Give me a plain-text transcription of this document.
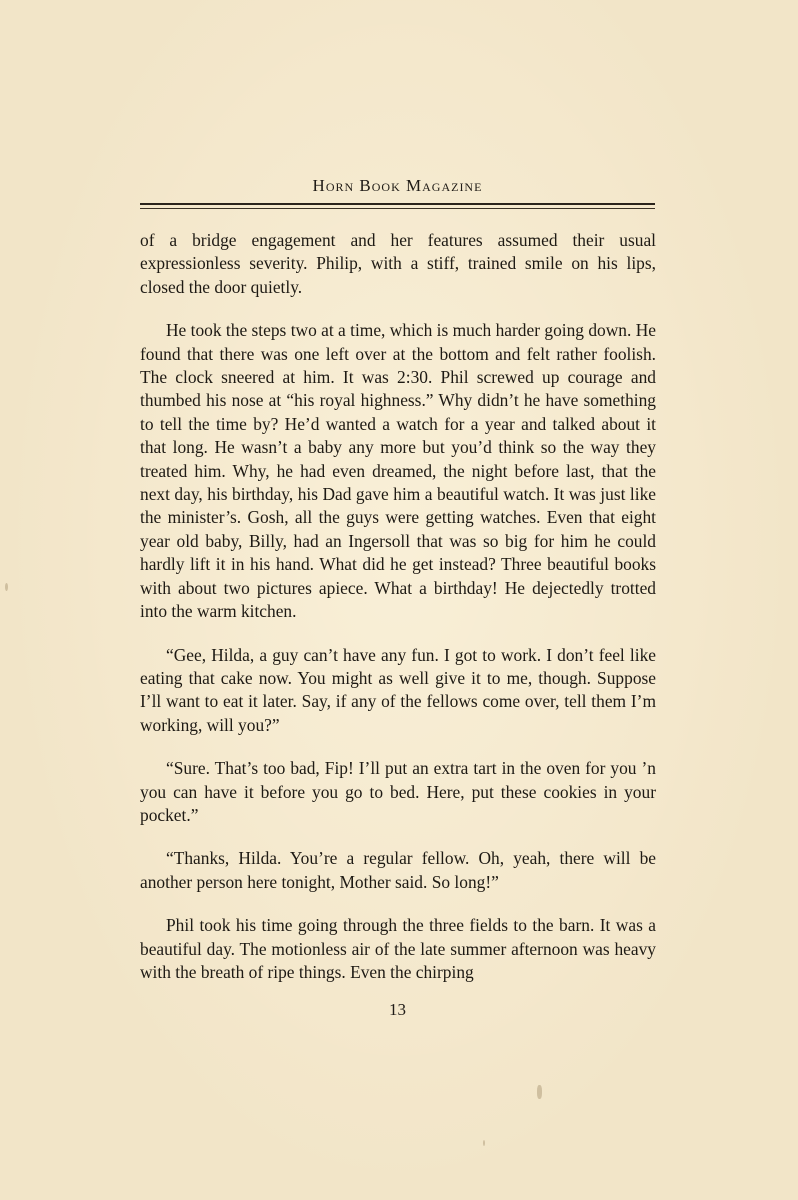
Horn Book Magazine

of a bridge engagement and her features assumed their usual expressionless severity. Philip, with a stiff, trained smile on his lips, closed the door quietly.

He took the steps two at a time, which is much harder going down. He found that there was one left over at the bottom and felt rather foolish. The clock sneered at him. It was 2:30. Phil screwed up courage and thumbed his nose at “his royal highness.” Why didn’t he have something to tell the time by? He’d wanted a watch for a year and talked about it that long. He wasn’t a baby any more but you’d think so the way they treated him. Why, he had even dreamed, the night before last, that the next day, his birthday, his Dad gave him a beautiful watch. It was just like the minister’s. Gosh, all the guys were getting watches. Even that eight year old baby, Billy, had an Ingersoll that was so big for him he could hardly lift it in his hand. What did he get instead? Three beautiful books with about two pictures apiece. What a birthday! He dejectedly trotted into the warm kitchen.

“Gee, Hilda, a guy can’t have any fun. I got to work. I don’t feel like eating that cake now. You might as well give it to me, though. Suppose I’ll want to eat it later. Say, if any of the fellows come over, tell them I’m working, will you?”

“Sure. That’s too bad, Fip! I’ll put an extra tart in the oven for you ’n you can have it before you go to bed. Here, put these cookies in your pocket.”

“Thanks, Hilda. You’re a regular fellow. Oh, yeah, there will be another person here tonight, Mother said. So long!”

Phil took his time going through the three fields to the barn. It was a beautiful day. The motionless air of the late summer afternoon was heavy with the breath of ripe things. Even the chirping

13
